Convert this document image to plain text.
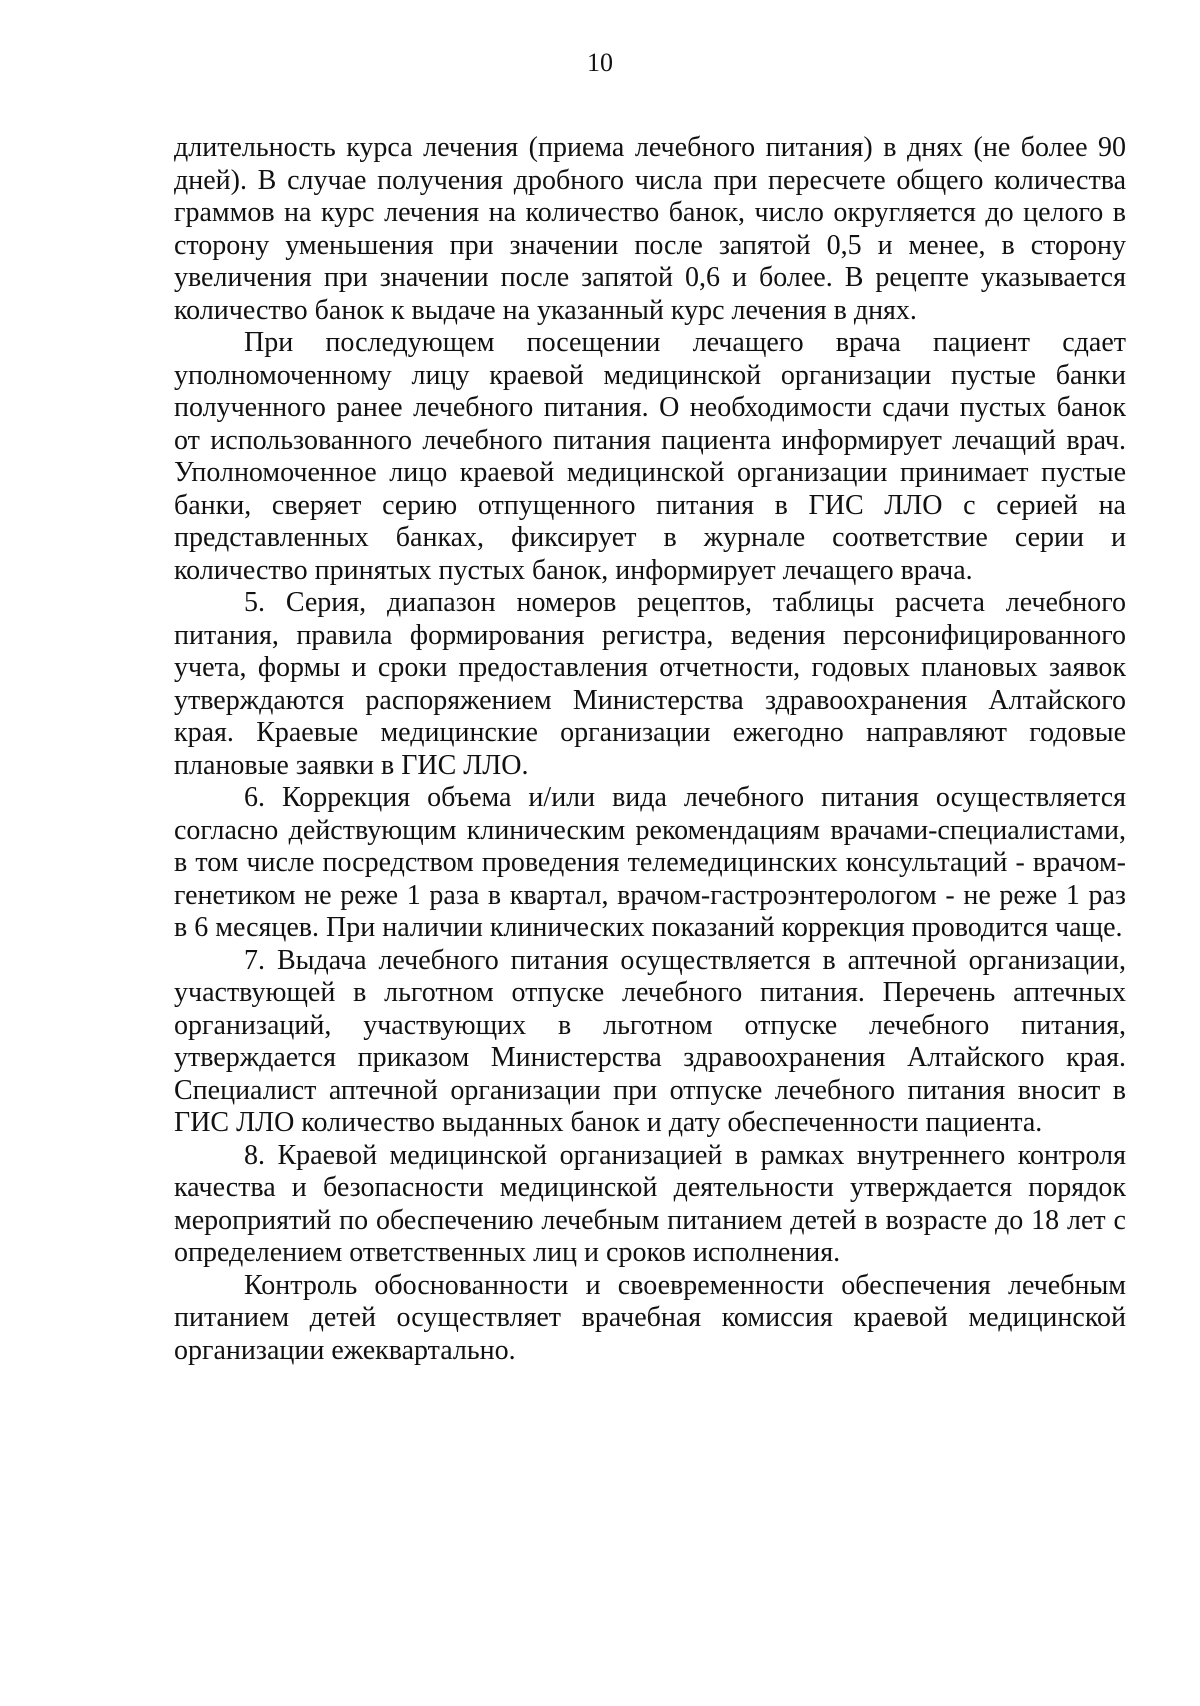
10

длительность курса лечения (приема лечебного питания) в днях (не более 90 дней). В случае получения дробного числа при пересчете общего количества граммов на курс лечения на количество банок, число округляется до целого в сторону уменьшения при значении после запятой 0,5 и менее, в сторону увеличения при значении после запятой 0,6 и более. В рецепте указывается количество банок к выдаче на указанный курс лечения в днях.

При последующем посещении лечащего врача пациент сдает уполномоченному лицу краевой медицинской организации пустые банки полученного ранее лечебного питания. О необходимости сдачи пустых банок от использованного лечебного питания пациента информирует лечащий врач. Уполномоченное лицо краевой медицинской организации принимает пустые банки, сверяет серию отпущенного питания в ГИС ЛЛО с серией на представленных банках, фиксирует в журнале соответствие серии и количество принятых пустых банок, информирует лечащего врача.

5. Серия, диапазон номеров рецептов, таблицы расчета лечебного питания, правила формирования регистра, ведения персонифицированного учета, формы и сроки предоставления отчетности, годовых плановых заявок утверждаются распоряжением Министерства здравоохранения Алтайского края. Краевые медицинские организации ежегодно направляют годовые плановые заявки в ГИС ЛЛО.

6. Коррекция объема и/или вида лечебного питания осуществляется согласно действующим клиническим рекомендациям врачами-специалистами, в том числе посредством проведения телемедицинских консультаций - врачом-генетиком не реже 1 раза в квартал, врачом-гастроэнтерологом - не реже 1 раз в 6 месяцев. При наличии клинических показаний коррекция проводится чаще.

7. Выдача лечебного питания осуществляется в аптечной организации, участвующей в льготном отпуске лечебного питания. Перечень аптечных организаций, участвующих в льготном отпуске лечебного питания, утверждается приказом Министерства здравоохранения Алтайского края. Специалист аптечной организации при отпуске лечебного питания вносит в ГИС ЛЛО количество выданных банок и дату обеспеченности пациента.

8. Краевой медицинской организацией в рамках внутреннего контроля качества и безопасности медицинской деятельности утверждается порядок мероприятий по обеспечению лечебным питанием детей в возрасте до 18 лет с определением ответственных лиц и сроков исполнения.

Контроль обоснованности и своевременности обеспечения лечебным питанием детей осуществляет врачебная комиссия краевой медицинской организации ежеквартально.
